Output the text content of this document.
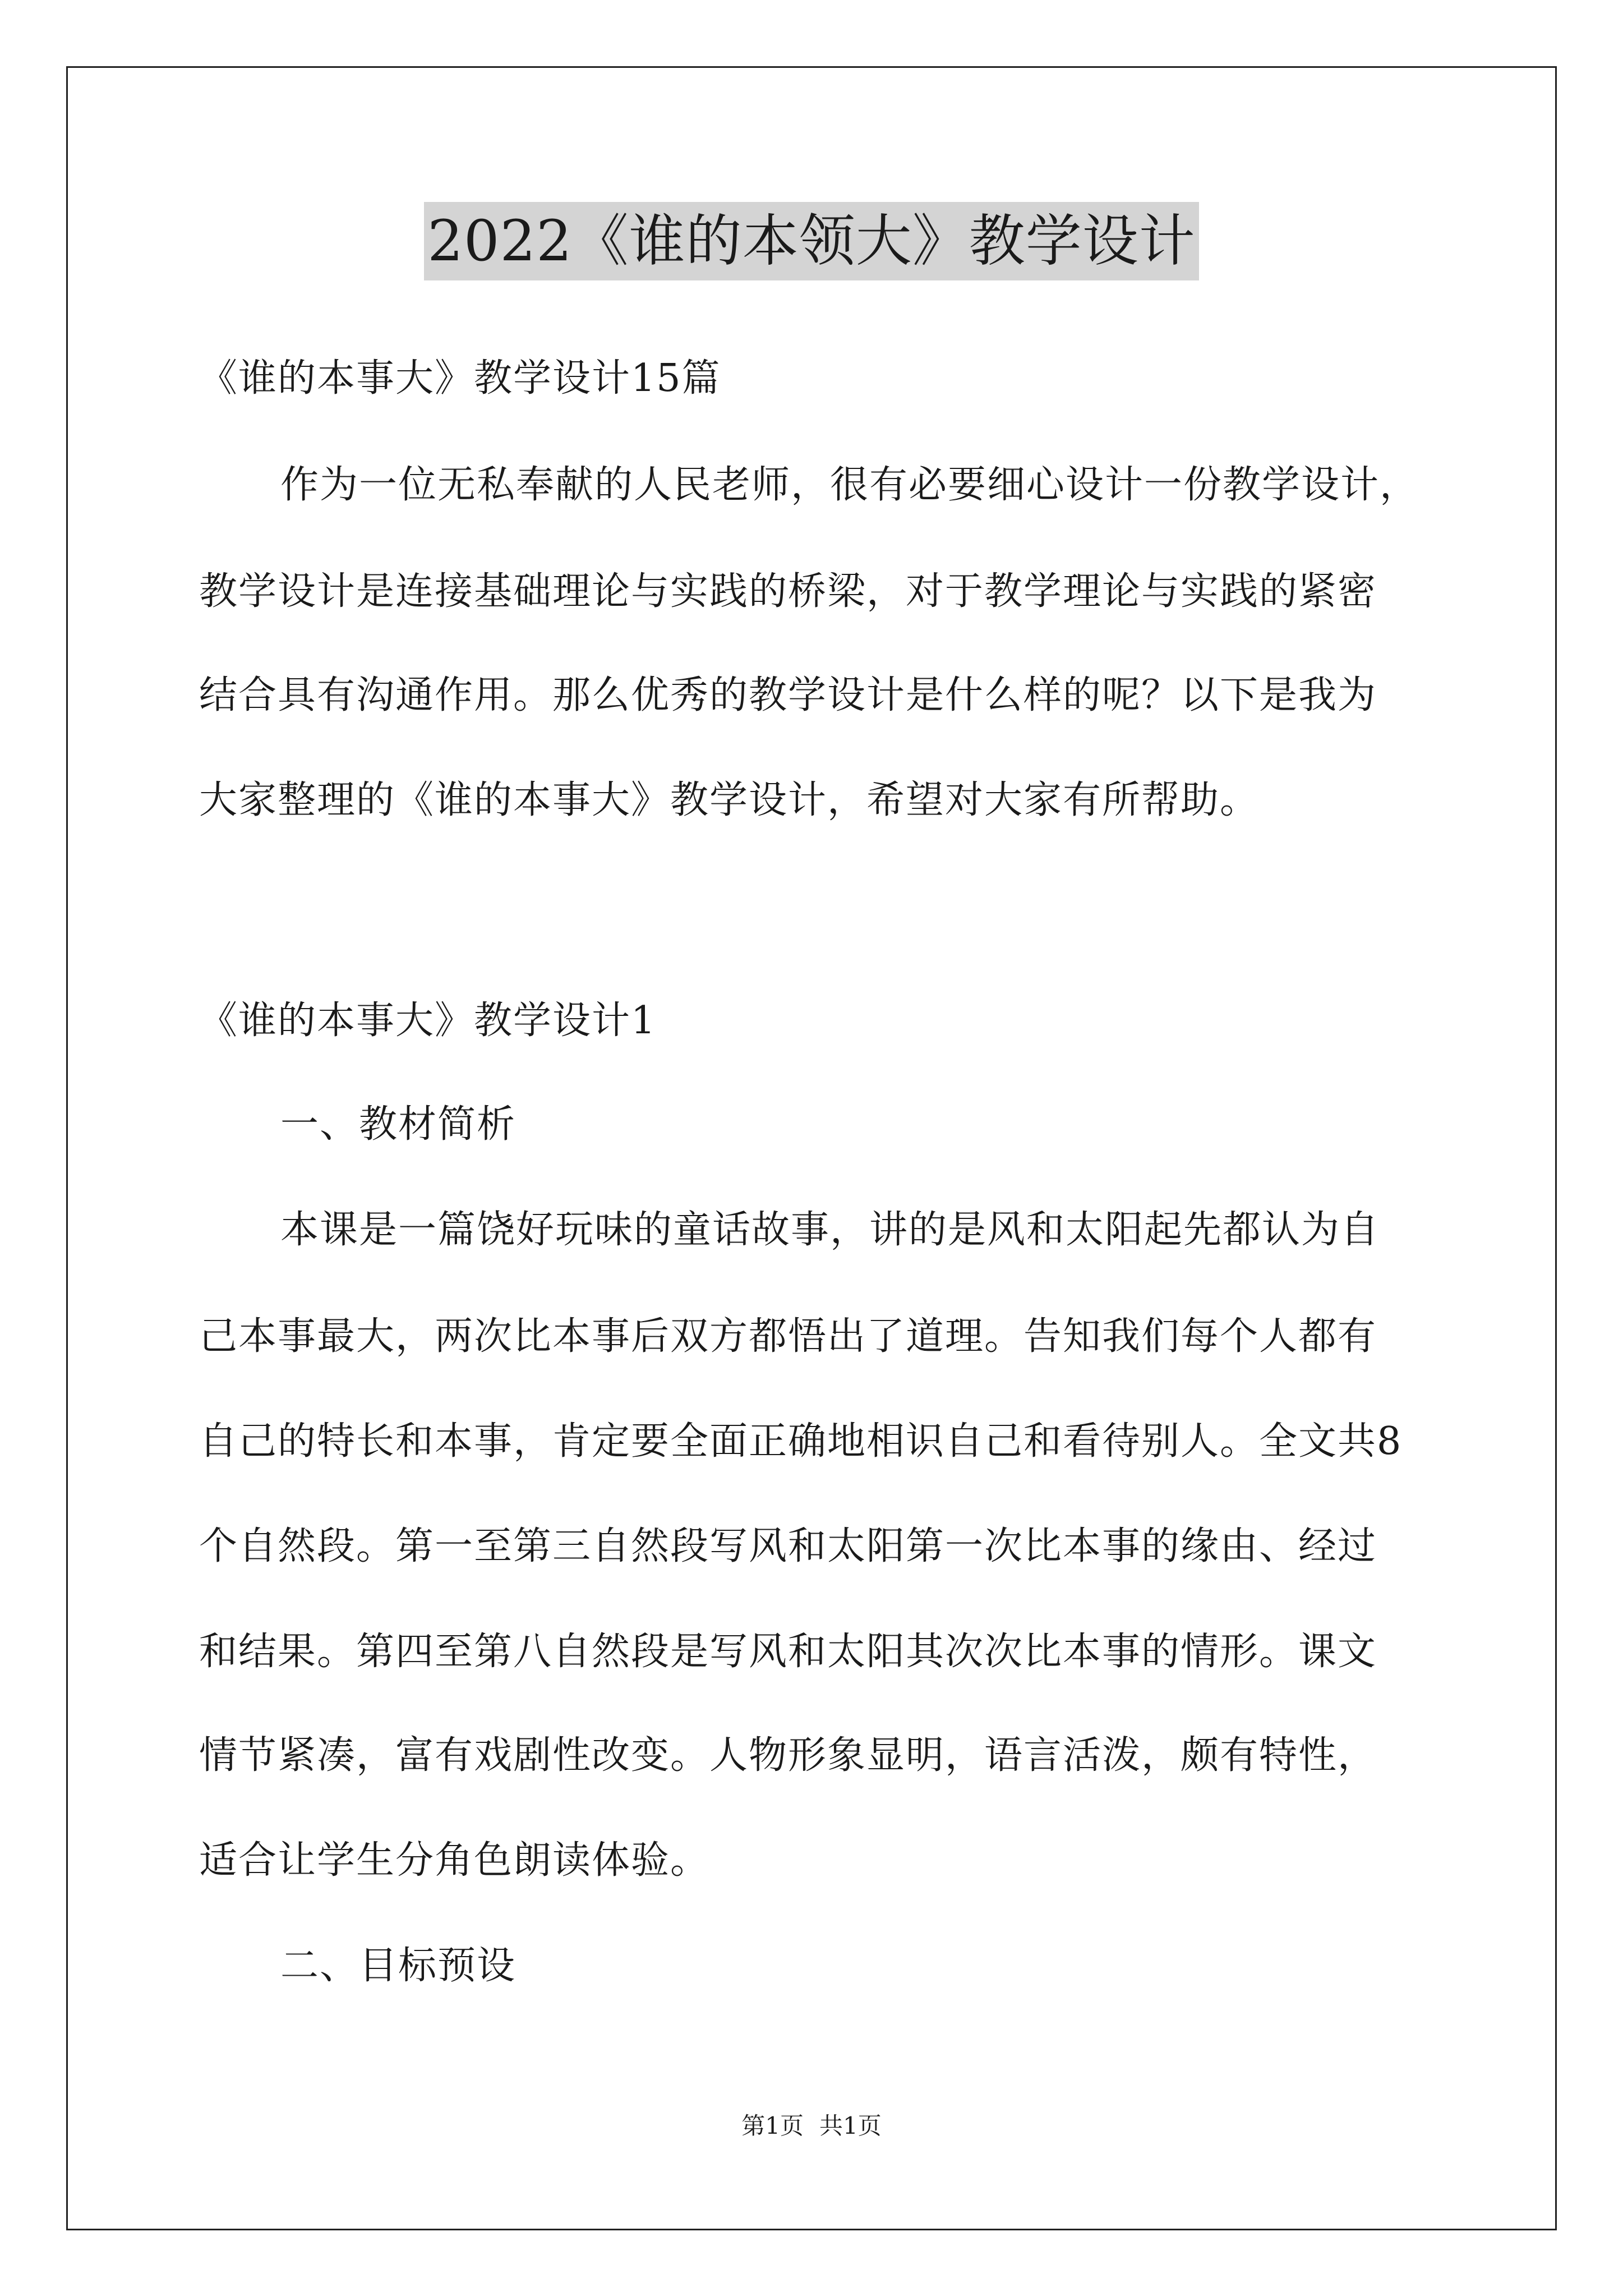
2022《谁的本领大》教学设计
《谁的本事大》教学设计15篇
作为一位无私奉献的人民老师，很有必要细心设计一份教学设计，
教学设计是连接基础理论与实践的桥梁，对于教学理论与实践的紧密
结合具有沟通作用。那么优秀的教学设计是什么样的呢？以下是我为
大家整理的《谁的本事大》教学设计，希望对大家有所帮助。
《谁的本事大》教学设计1
一、教材简析
本课是一篇饶好玩味的童话故事，讲的是风和太阳起先都认为自
己本事最大，两次比本事后双方都悟出了道理。告知我们每个人都有
自己的特长和本事，肯定要全面正确地相识自己和看待别人。全文共8
个自然段。第一至第三自然段写风和太阳第一次比本事的缘由、经过
和结果。第四至第八自然段是写风和太阳其次次比本事的情形。课文
情节紧凑，富有戏剧性改变。人物形象显明，语言活泼，颇有特性，
适合让学生分角色朗读体验。
二、目标预设
第1页 共1页
